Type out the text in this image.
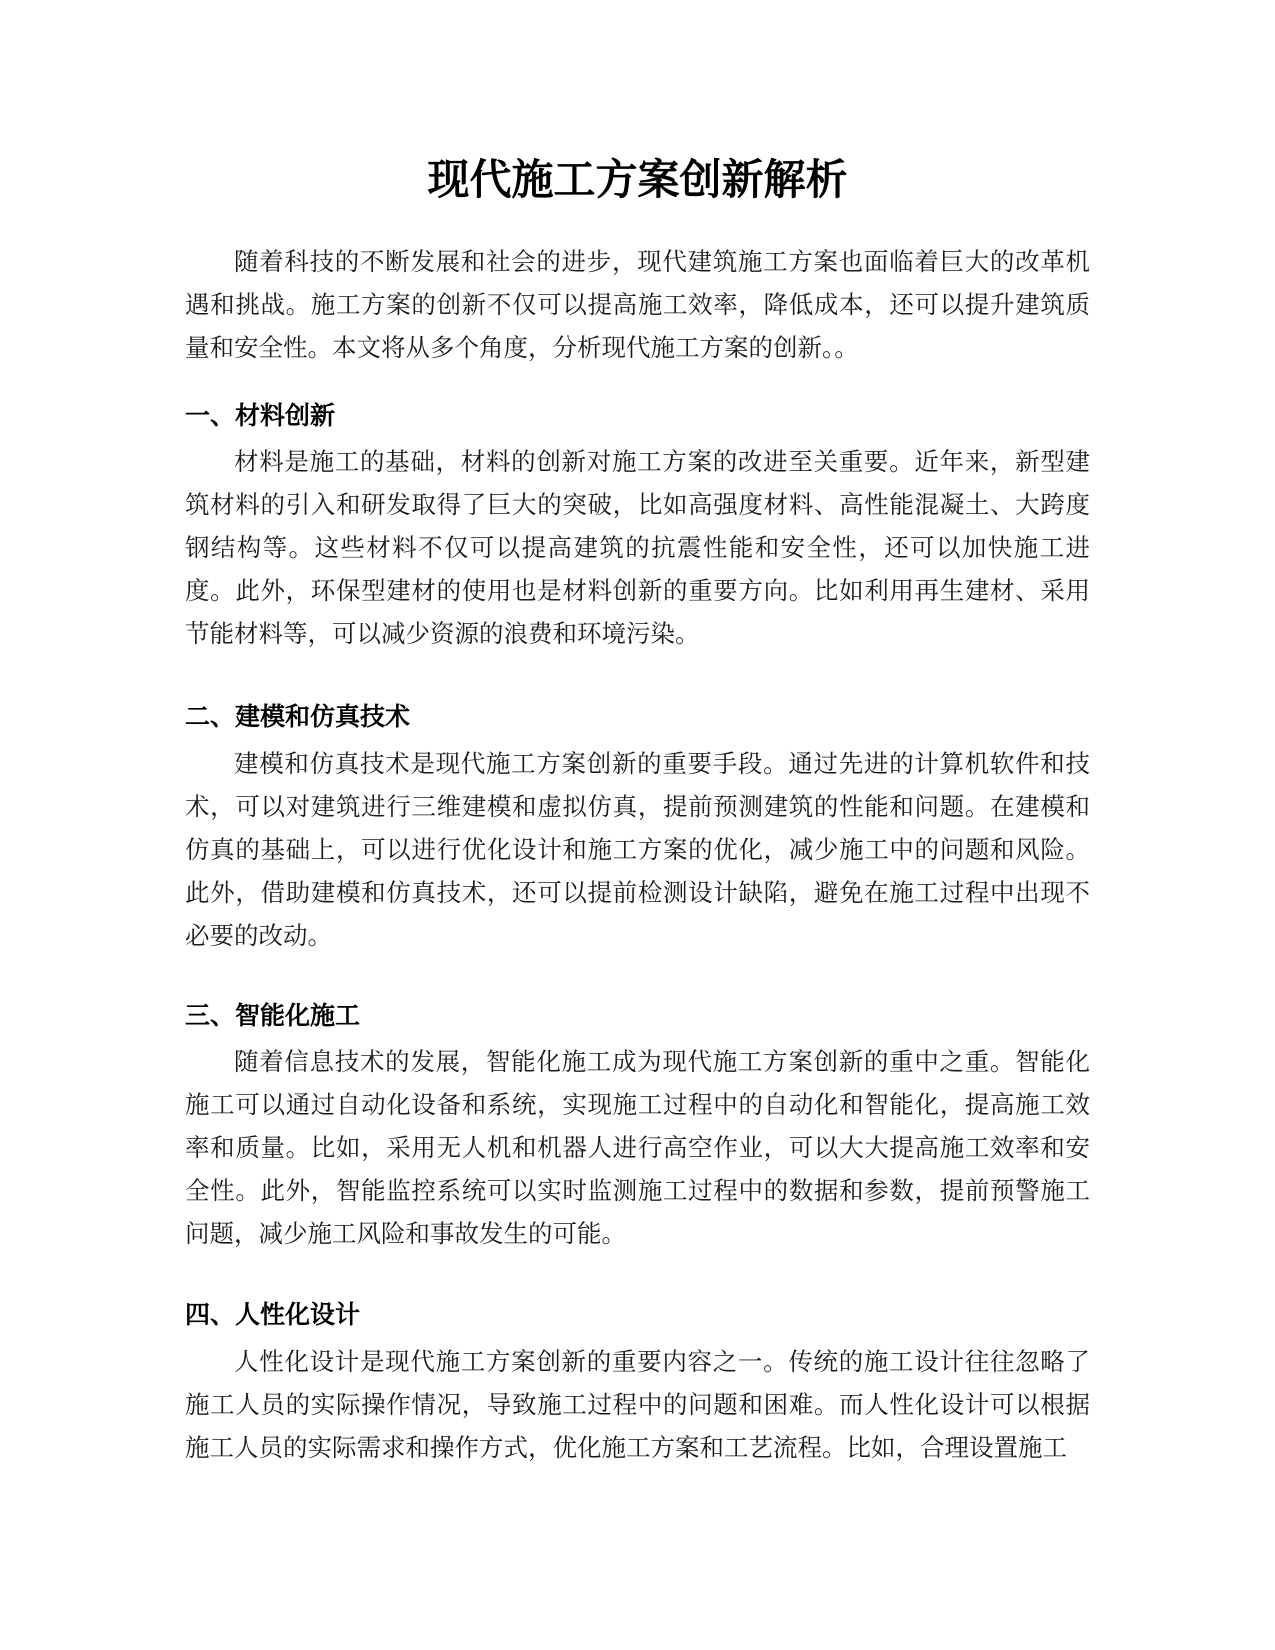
现代施工方案创新解析

随着科技的不断发展和社会的进步，现代建筑施工方案也面临着巨大的改革机遇和挑战。施工方案的创新不仅可以提高施工效率，降低成本，还可以提升建筑质量和安全性。本文将从多个角度，分析现代施工方案的创新。。

一、材料创新

材料是施工的基础，材料的创新对施工方案的改进至关重要。近年来，新型建筑材料的引入和研发取得了巨大的突破，比如高强度材料、高性能混凝土、大跨度钢结构等。这些材料不仅可以提高建筑的抗震性能和安全性，还可以加快施工进度。此外，环保型建材的使用也是材料创新的重要方向。比如利用再生建材、采用节能材料等，可以减少资源的浪费和环境污染。

二、建模和仿真技术

建模和仿真技术是现代施工方案创新的重要手段。通过先进的计算机软件和技术，可以对建筑进行三维建模和虚拟仿真，提前预测建筑的性能和问题。在建模和仿真的基础上，可以进行优化设计和施工方案的优化，减少施工中的问题和风险。此外，借助建模和仿真技术，还可以提前检测设计缺陷，避免在施工过程中出现不必要的改动。

三、智能化施工

随着信息技术的发展，智能化施工成为现代施工方案创新的重中之重。智能化施工可以通过自动化设备和系统，实现施工过程中的自动化和智能化，提高施工效率和质量。比如，采用无人机和机器人进行高空作业，可以大大提高施工效率和安全性。此外，智能监控系统可以实时监测施工过程中的数据和参数，提前预警施工问题，减少施工风险和事故发生的可能。

四、人性化设计

人性化设计是现代施工方案创新的重要内容之一。传统的施工设计往往忽略了施工人员的实际操作情况，导致施工过程中的问题和困难。而人性化设计可以根据施工人员的实际需求和操作方式，优化施工方案和工艺流程。比如，合理设置施工
